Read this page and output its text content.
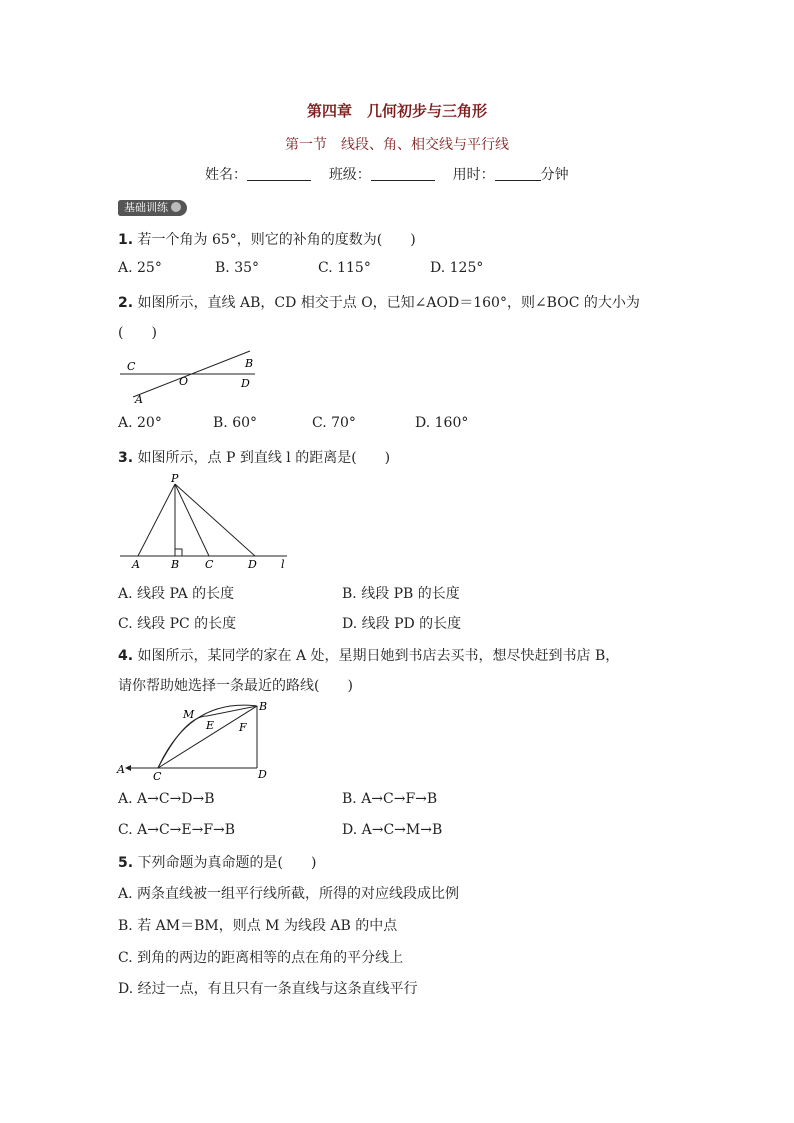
第四章　几何初步与三角形
第一节　线段、角、相交线与平行线
姓名：	班级：	用时：	分钟
基础训练
1. 若一个角为 65°，则它的补角的度数为(　　)
A. 25°	B. 35°	C. 115°	D. 125°
2. 如图所示，直线 AB，CD 相交于点 O，已知∠AOD＝160°，则∠BOC 的大小为
(　　)
C	B
O	D
A
A. 20°	B. 60°	C. 70°	D. 160°
3. 如图所示，点 P 到直线 l 的距离是(　　)
P
A	B C	D l
A. 线段 PA 的长度	B. 线段 PB 的长度
C. 线段 PC 的长度	D. 线段 PD 的长度
4. 如图所示，某同学的家在 A 处，星期日她到书店去买书，想尽快赶到书店 B，
请你帮助她选择一条最近的路线(　　)
M
B
E F
A
C	D
A. A→C→D→B	B. A→C→F→B
C. A→C→E→F→B	D. A→C→M→B
5. 下列命题为真命题的是(　　)
A. 两条直线被一组平行线所截，所得的对应线段成比例
B. 若 AM＝BM，则点 M 为线段 AB 的中点
C. 到角的两边的距离相等的点在角的平分线上
D. 经过一点，有且只有一条直线与这条直线平行
